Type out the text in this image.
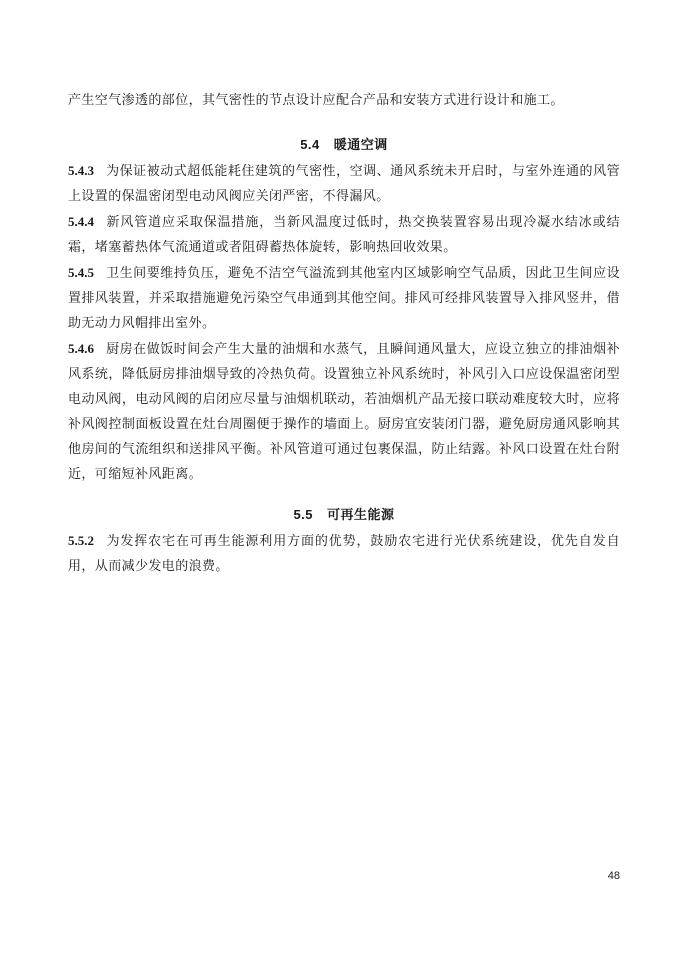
产生空气渗透的部位，其气密性的节点设计应配合产品和安装方式进行设计和施工。

5.4 暖通空调

5.4.3 为保证被动式超低能耗住建筑的气密性，空调、通风系统未开启时，与室外连通的风管上设置的保温密闭型电动风阀应关闭严密，不得漏风。

5.4.4 新风管道应采取保温措施，当新风温度过低时，热交换装置容易出现冷凝水结冰或结霜，堵塞蓄热体气流通道或者阻碍蓄热体旋转，影响热回收效果。

5.4.5 卫生间要维持负压，避免不洁空气溢流到其他室内区域影响空气品质，因此卫生间应设置排风装置，并采取措施避免污染空气串通到其他空间。排风可经排风装置导入排风竖井，借助无动力风帽排出室外。

5.4.6 厨房在做饭时间会产生大量的油烟和水蒸气，且瞬间通风量大，应设立独立的排油烟补风系统，降低厨房排油烟导致的冷热负荷。设置独立补风系统时，补风引入口应设保温密闭型电动风阀，电动风阀的启闭应尽量与油烟机联动，若油烟机产品无接口联动难度较大时，应将补风阀控制面板设置在灶台周圈便于操作的墙面上。厨房宜安装闭门器，避免厨房通风影响其他房间的气流组织和送排风平衡。补风管道可通过包裹保温，防止结露。补风口设置在灶台附近，可缩短补风距离。

5.5 可再生能源

5.5.2 为发挥农宅在可再生能源利用方面的优势，鼓励农宅进行光伏系统建设，优先自发自用，从而减少发电的浪费。

48
